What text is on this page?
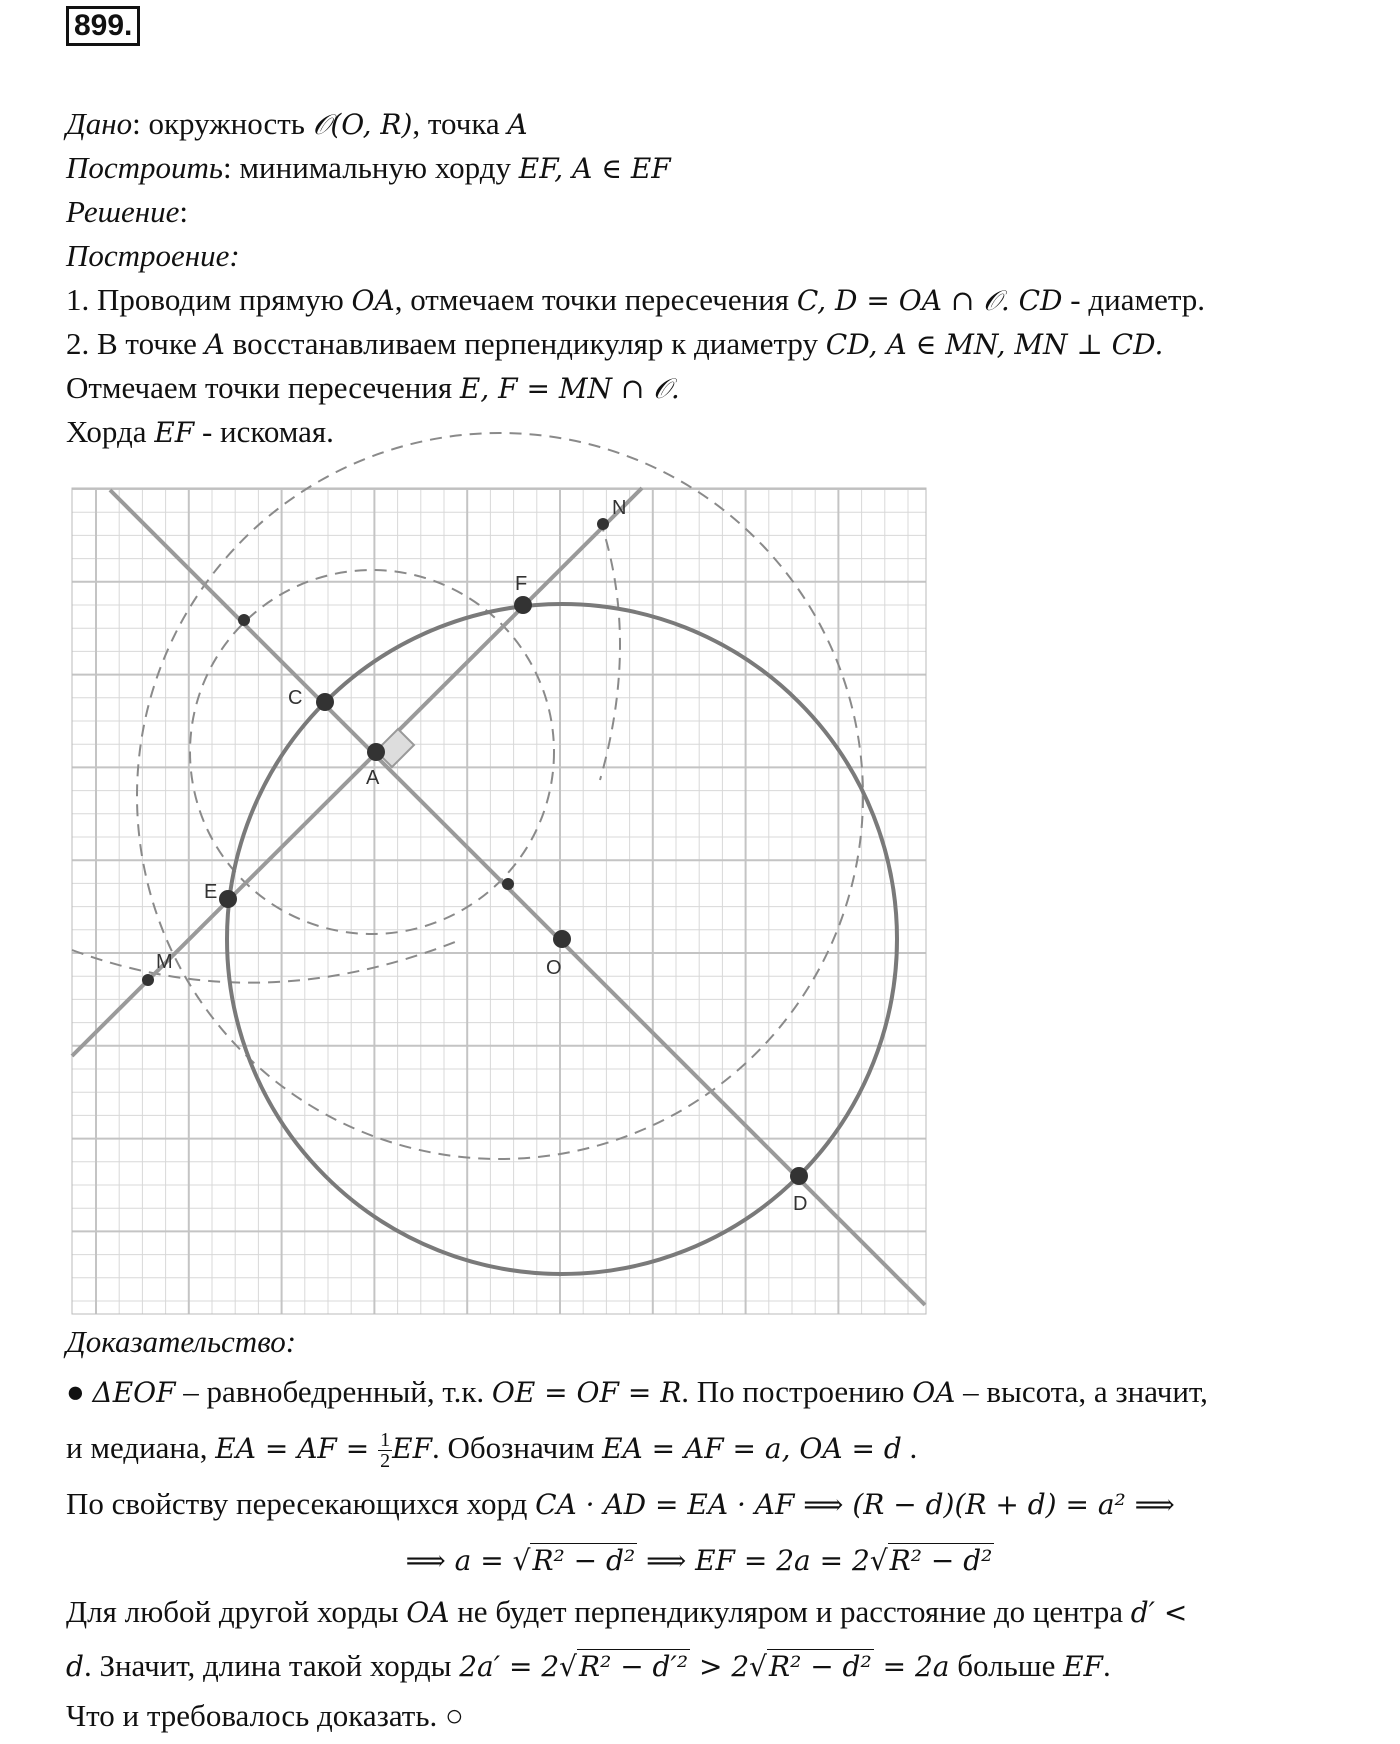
899.
Дано: окружность 𝒪(O, R), точка A
Построить: минимальную хорду EF, A ∈ EF
Решение:
Построение:
1. Проводим прямую OA, отмечаем точки пересечения C, D = OA ∩ 𝒪. CD - диаметр.
2. В точке A восстанавливаем перпендикуляр к диаметру CD, A ∈ MN, MN ⊥ CD.
Отмечаем точки пересечения E, F = MN ∩ 𝒪.
Хорда EF - искомая.
N
F
C
A
E
M	O
D
Доказательство:
● ΔEOF – равнобедренный, т.к. OE = OF = R. По построению OA – высота, а значит,
и медиана, EA = AF = $\frac{1}{2}$ EF. Обозначим EA = AF = a, OA = d .
По свойству пересекающихся хорд CA · AD = EA · AF ⟹ (R − d)(R + d) = a² ⟹
⟹ a = √R² − d² ⟹ EF = 2a = 2√R² − d²
Для любой другой хорды OA не будет перпендикуляром и расстояние до центра d′ <
d. Значит, длина такой хорды 2a′ = 2√R² − d′² > 2√R² − d² = 2a больше EF.
Что и требовалось доказать. ○
